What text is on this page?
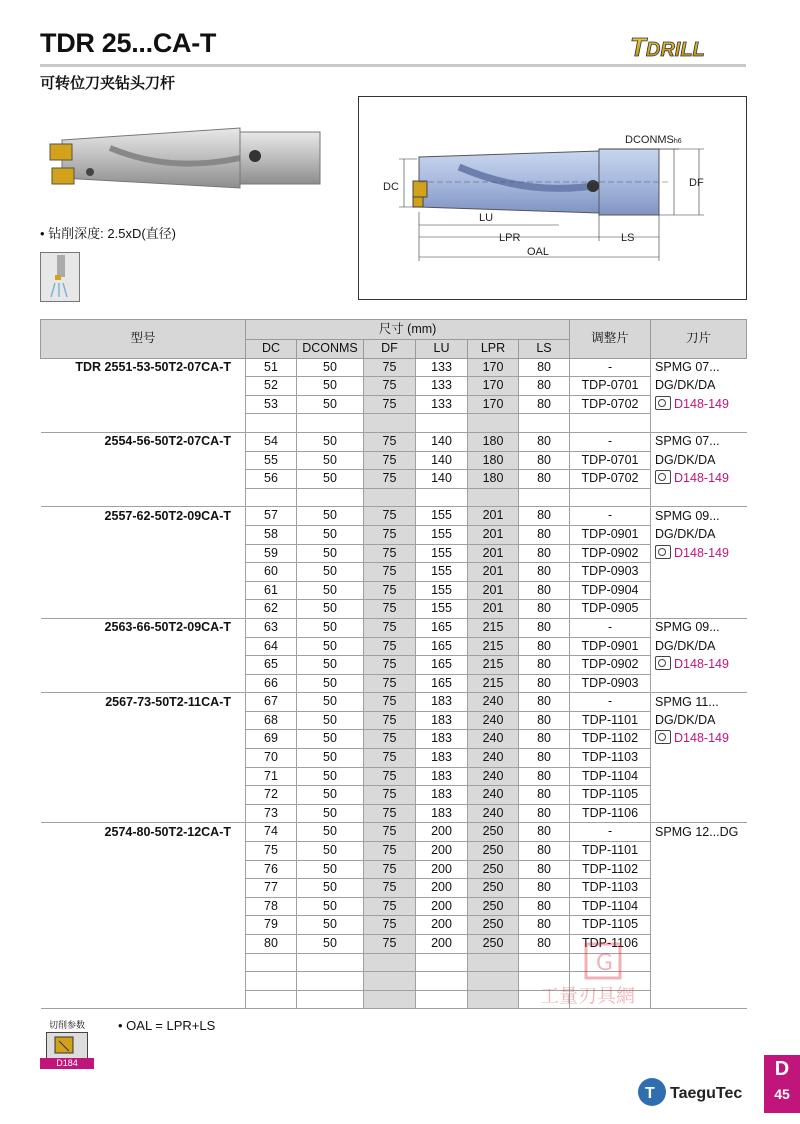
TDR 25...CA-T	TDRILL
可转位刀夹钻头刀杆
• 钻削深度: 2.5xD(直径)
DCONMSh6
DF
DC
LU
LPR	LS
OAL
型号	尺寸 (mm)						调整片	刀片
	DC	DCONMS	DF	LU	LPR	LS		
TDR 2551-53-50T2-07CA-T	51	50	75	133	170	80	-	SPMG 07...
	52	50	75	133	170	80	TDP-0701	DG/DK/DA
	53	50	75	133	170	80	TDP-0702	D148-149

2554-56-50T2-07CA-T	54	50	75	140	180	80	-	SPMG 07...
	55	50	75	140	180	80	TDP-0701	DG/DK/DA
	56	50	75	140	180	80	TDP-0702	D148-149

2557-62-50T2-09CA-T	57	50	75	155	201	80	-	SPMG 09...
	58	50	75	155	201	80	TDP-0901	DG/DK/DA
	59	50	75	155	201	80	TDP-0902	D148-149
	60	50	75	155	201	80	TDP-0903	
	61	50	75	155	201	80	TDP-0904	
	62	50	75	155	201	80	TDP-0905	
2563-66-50T2-09CA-T	63	50	75	165	215	80	-	SPMG 09...
	64	50	75	165	215	80	TDP-0901	DG/DK/DA
	65	50	75	165	215	80	TDP-0902	D148-149
	66	50	75	165	215	80	TDP-0903	
2567-73-50T2-11CA-T	67	50	75	183	240	80	-	SPMG 11...
	68	50	75	183	240	80	TDP-1101	DG/DK/DA
	69	50	75	183	240	80	TDP-1102	D148-149
	70	50	75	183	240	80	TDP-1103	
	71	50	75	183	240	80	TDP-1104	
	72	50	75	183	240	80	TDP-1105	
	73	50	75	183	240	80	TDP-1106	
2574-80-50T2-12CA-T	74	50	75	200	250	80	-	SPMG 12...DG
	75	50	75	200	250	80	TDP-1101	
	76	50	75	200	250	80	TDP-1102	
	77	50	75	200	250	80	TDP-1103	
	78	50	75	200	250	80	TDP-1104	
	79	50	75	200	250	80	TDP-1105	
	80	50	75	200	250	80	TDP-1106	

G
工量刃具網
切削参数
D184
• OAL = LPR+LS
T TaeguTec
D
45
